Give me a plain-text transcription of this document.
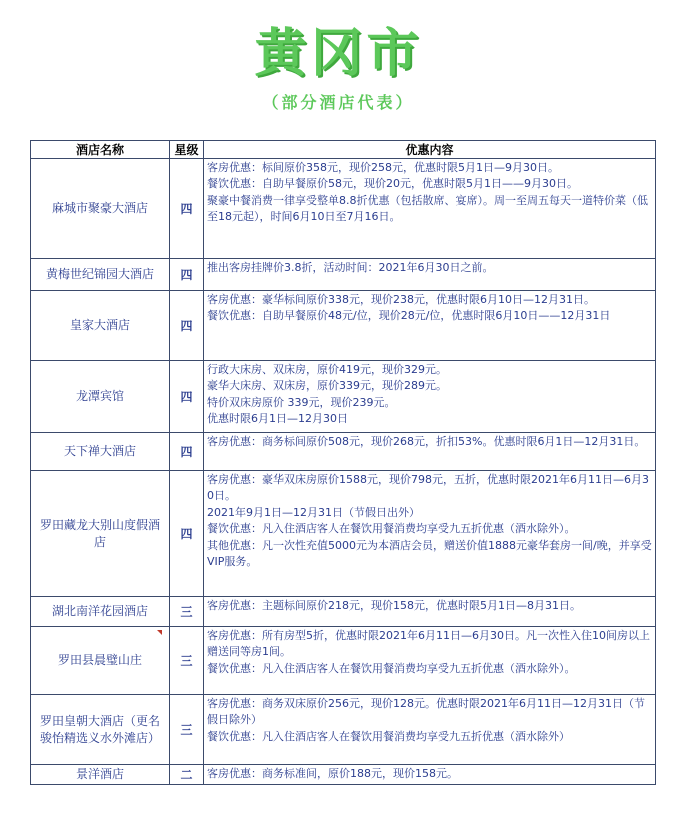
黄冈市
（部分酒店代表）
酒店名称	星级	优惠内容
麻城市聚豪大酒店	四	客房优惠：标间原价358元，现价258元，优惠时限5月1日—9月30日。
餐饮优惠：自助早餐原价58元，现价20元，优惠时限5月1日——9月30日。
聚豪中餐消费一律享受整单8.8折优惠（包括散席、宴席）。周一至周五每天一道特价菜（低至18元起），时间6月10日至7月16日。

黄梅世纪锦园大酒店	四	推出客房挂牌价3.8折，活动时间：2021年6月30日之前。

皇家大酒店	四	客房优惠：豪华标间原价338元，现价238元，优惠时限6月10日—12月31日。
餐饮优惠：自助早餐原价48元/位，现价28元/位，优惠时限6月10日——12月31日

龙潭宾馆	四	行政大床房、双床房，原价419元，现价329元。
豪华大床房、双床房，原价339元，现价289元。
特价双床房原价 339元，现价239元。
优惠时限6月1日—12月30日

天下禅大酒店	四	客房优惠：商务标间原价508元，现价268元，折扣53%。优惠时限6月1日—12月31日。

罗田藏龙大别山度假酒店	四	客房优惠：豪华双床房原价1588元，现价798元，五折，优惠时限2021年6月11日—6月30日。
2021年9月1日—12月31日（节假日出外）
餐饮优惠：凡入住酒店客人在餐饮用餐消费均享受九五折优惠（酒水除外）。
其他优惠：凡一次性充值5000元为本酒店会员，赠送价值1888元豪华套房一间/晚，并享受VIP服务。

湖北南洋花园酒店	三	客房优惠：主题标间原价218元，现价158元，优惠时限5月1日—8月31日。

罗田县晨璧山庄	三	客房优惠：所有房型5折，优惠时限2021年6月11日—6月30日。凡一次性入住10间房以上赠送同等房1间。
餐饮优惠：凡入住酒店客人在餐饮用餐消费均享受九五折优惠（酒水除外）。

罗田皇朝大酒店（更名骏怡精选义水外滩店）	三	客房优惠：商务双床原价256元，现价128元。优惠时限2021年6月11日—12月31日（节假日除外）
餐饮优惠：凡入住酒店客人在餐饮用餐消费均享受九五折优惠（酒水除外）

景洋酒店	二	客房优惠：商务标准间，原价188元，现价158元。
